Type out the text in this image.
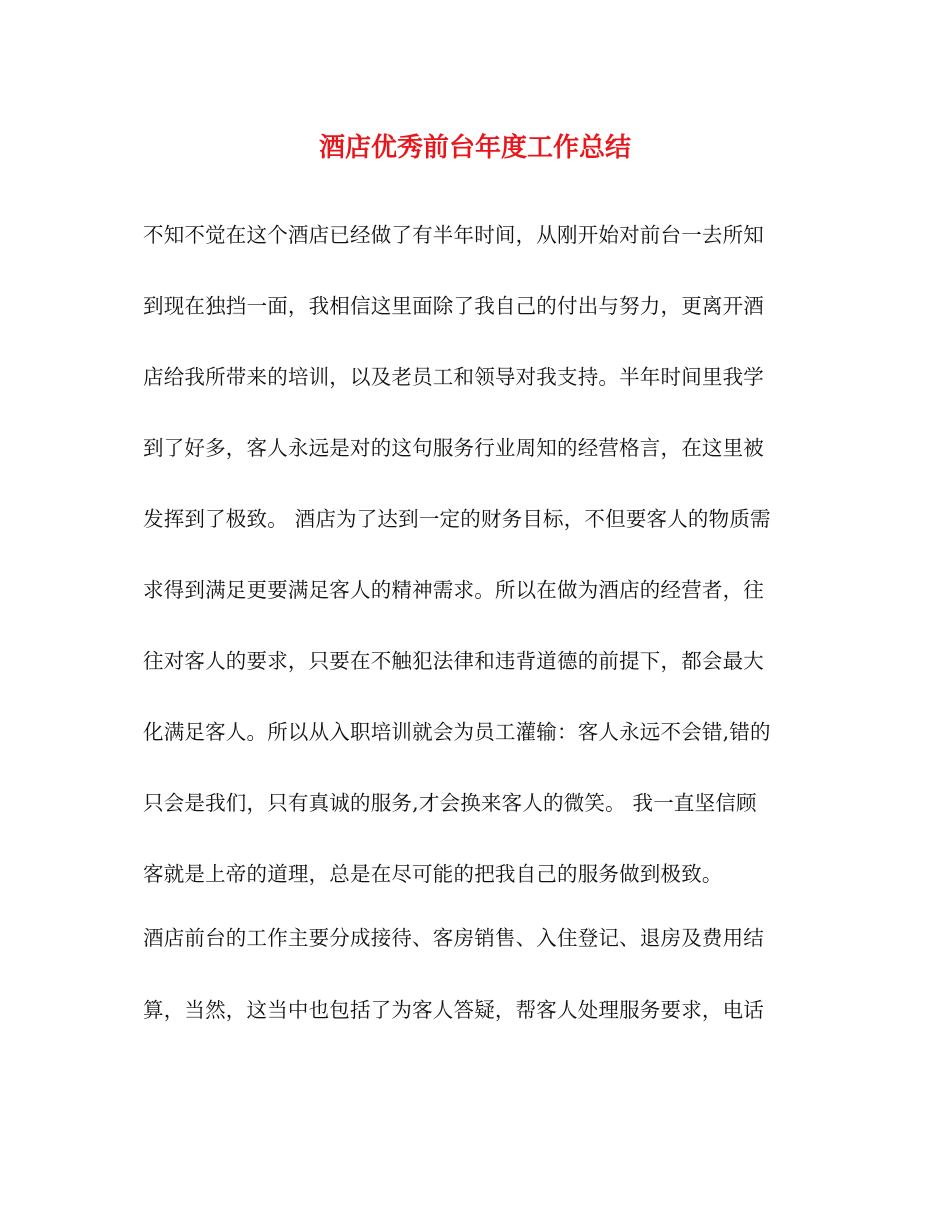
酒店优秀前台年度工作总结

不知不觉在这个酒店已经做了有半年时间，从刚开始对前台一去所知

到现在独挡一面，我相信这里面除了我自己的付出与努力，更离开酒

店给我所带来的培训，以及老员工和领导对我支持。半年时间里我学

到了好多，客人永远是对的这句服务行业周知的经营格言，在这里被

发挥到了极致。 酒店为了达到一定的财务目标，不但要客人的物质需

求得到满足更要满足客人的精神需求。所以在做为酒店的经营者，往

往对客人的要求，只要在不触犯法律和违背道德的前提下，都会最大

化满足客人。所以从入职培训就会为员工灌输：客人永远不会错,错的

只会是我们，只有真诚的服务,才会换来客人的微笑。 我一直坚信顾

客就是上帝的道理，总是在尽可能的把我自己的服务做到极致。

酒店前台的工作主要分成接待、客房销售、入住登记、退房及费用结

算，当然，这当中也包括了为客人答疑，帮客人处理服务要求，电话
